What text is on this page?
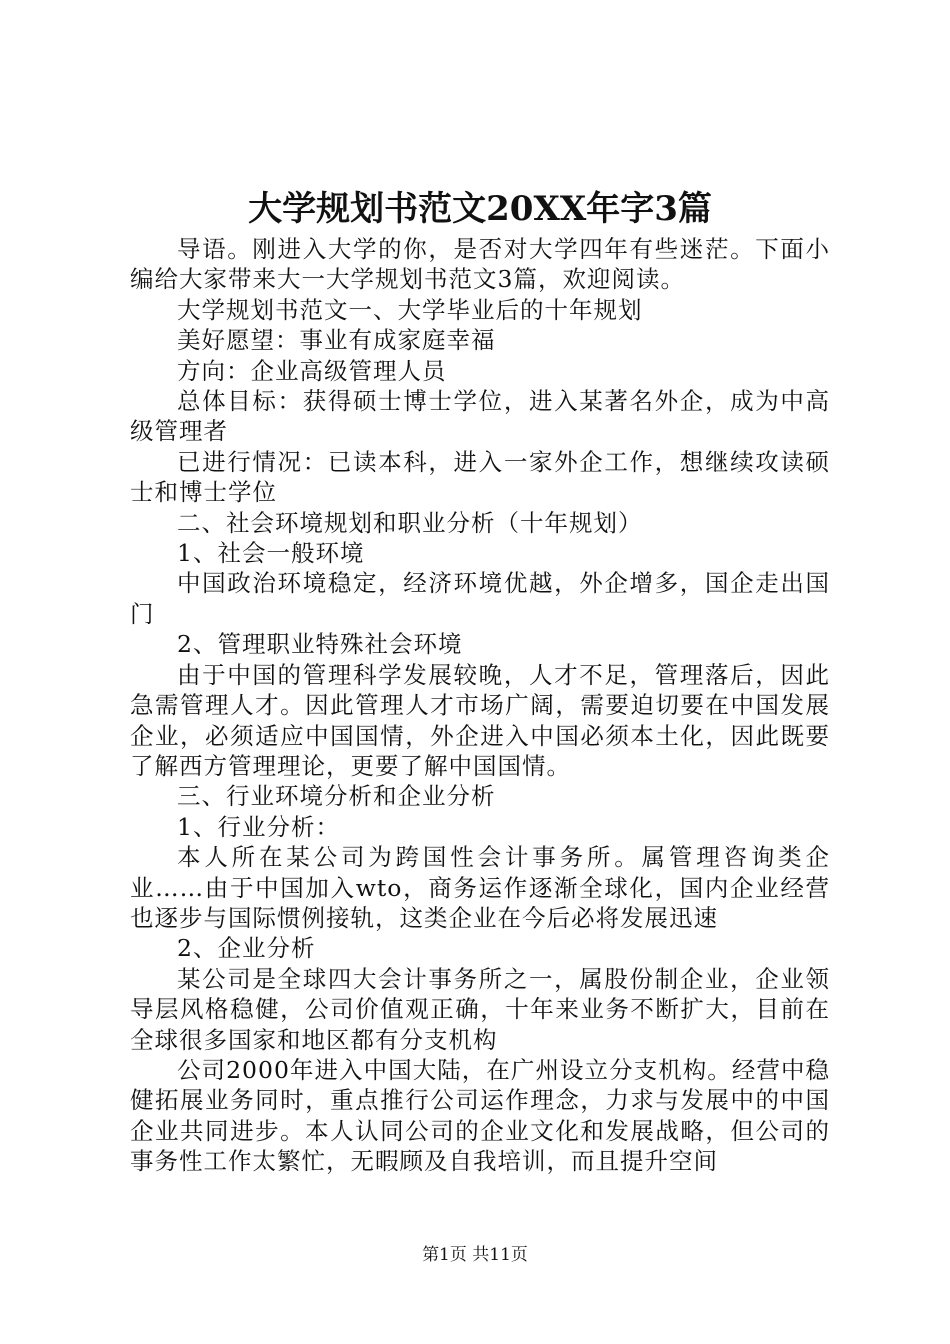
大学规划书范文20XX年字3篇

导语。刚进入大学的你，是否对大学四年有些迷茫。下面小编给大家带来大一大学规划书范文3篇，欢迎阅读。

大学规划书范文一、大学毕业后的十年规划

美好愿望：事业有成家庭幸福

方向：企业高级管理人员

总体目标：获得硕士博士学位，进入某著名外企，成为中高级管理者

已进行情况：已读本科，进入一家外企工作，想继续攻读硕士和博士学位

二、社会环境规划和职业分析（十年规划）

1、社会一般环境

中国政治环境稳定，经济环境优越，外企增多，国企走出国门

2、管理职业特殊社会环境

由于中国的管理科学发展较晚，人才不足，管理落后，因此急需管理人才。因此管理人才市场广阔，需要迫切要在中国发展企业，必须适应中国国情，外企进入中国必须本土化，因此既要了解西方管理理论，更要了解中国国情。

三、行业环境分析和企业分析

1、行业分析：

本人所在某公司为跨国性会计事务所。属管理咨询类企业……由于中国加入wto，商务运作逐渐全球化，国内企业经营也逐步与国际惯例接轨，这类企业在今后必将发展迅速

2、企业分析

某公司是全球四大会计事务所之一，属股份制企业，企业领导层风格稳健，公司价值观正确，十年来业务不断扩大，目前在全球很多国家和地区都有分支机构

公司2000年进入中国大陆，在广州设立分支机构。经营中稳健拓展业务同时，重点推行公司运作理念，力求与发展中的中国企业共同进步。本人认同公司的企业文化和发展战略，但公司的事务性工作太繁忙，无暇顾及自我培训，而且提升空间

第1页 共11页
